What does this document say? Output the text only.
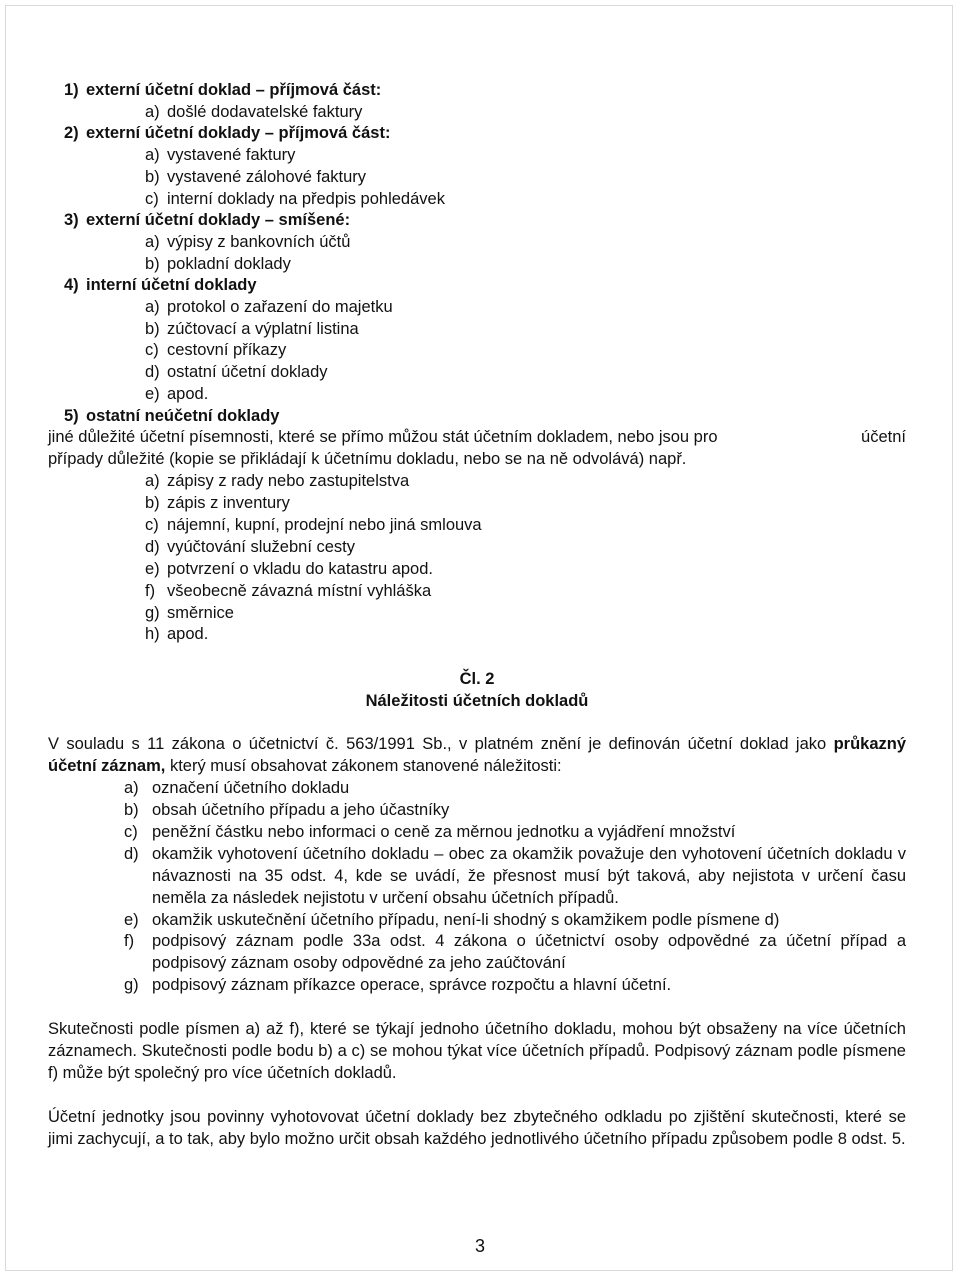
1) externí účetní doklad – příjmová část:
a) došlé dodavatelské faktury
2) externí účetní doklady – příjmová část:
a) vystavené faktury
b) vystavené zálohové faktury
c) interní doklady na předpis pohledávek
3) externí účetní doklady – smíšené:
a) výpisy z bankovních účtů
b) pokladní doklady
4) interní účetní doklady
a) protokol o zařazení do majetku
b) zúčtovací a výplatní listina
c) cestovní příkazy
d) ostatní účetní doklady
e) apod.
5) ostatní neúčetní doklady
jiné důležité účetní písemnosti, které se přímo můžou stát účetním dokladem, nebo jsou pro	účetní
případy důležité (kopie se přikládají k účetnímu dokladu, nebo se na ně odvolává) např.
a) zápisy z rady nebo zastupitelstva
b) zápis z inventury
c) nájemní, kupní, prodejní nebo jiná smlouva
d) vyúčtování služební cesty
e) potvrzení o vkladu do katastru apod.
f) všeobecně závazná místní vyhláška
g) směrnice
h) apod.
Čl. 2
Náležitosti účetních dokladů
V souladu s 11 zákona o účetnictví č. 563/1991 Sb., v platném znění je definován účetní doklad jako průkazný účetní záznam, který musí obsahovat zákonem stanovené náležitosti:
a) označení účetního dokladu
b) obsah účetního případu a jeho účastníky
c) peněžní částku nebo informaci o ceně za měrnou jednotku a vyjádření množství
d) okamžik vyhotovení účetního dokladu – obec za okamžik považuje den vyhotovení účetních dokladu v návaznosti na 35 odst. 4, kde se uvádí, že přesnost musí být taková, aby nejistota v určení času neměla za následek nejistotu v určení obsahu účetních případů.
e) okamžik uskutečnění účetního případu, není-li shodný s okamžikem podle písmene d)
f)	podpisový záznam podle 33a odst. 4 zákona o účetnictví osoby odpovědné za účetní případ a podpisový záznam osoby odpovědné za jeho zaúčtování
g) podpisový záznam příkazce operace, správce rozpočtu a hlavní účetní.
Skutečnosti podle písmen a) až f), které se týkají jednoho účetního dokladu, mohou být obsaženy na více účetních záznamech. Skutečnosti podle bodu b) a c) se mohou týkat více účetních případů. Podpisový záznam podle písmene f) může být společný pro více účetních dokladů.
Účetní jednotky jsou povinny vyhotovovat účetní doklady bez zbytečného odkladu po zjištění skutečnosti, které se jimi zachycují, a to tak, aby bylo možno určit obsah každého jednotlivého účetního případu způsobem podle 8 odst. 5.
3
